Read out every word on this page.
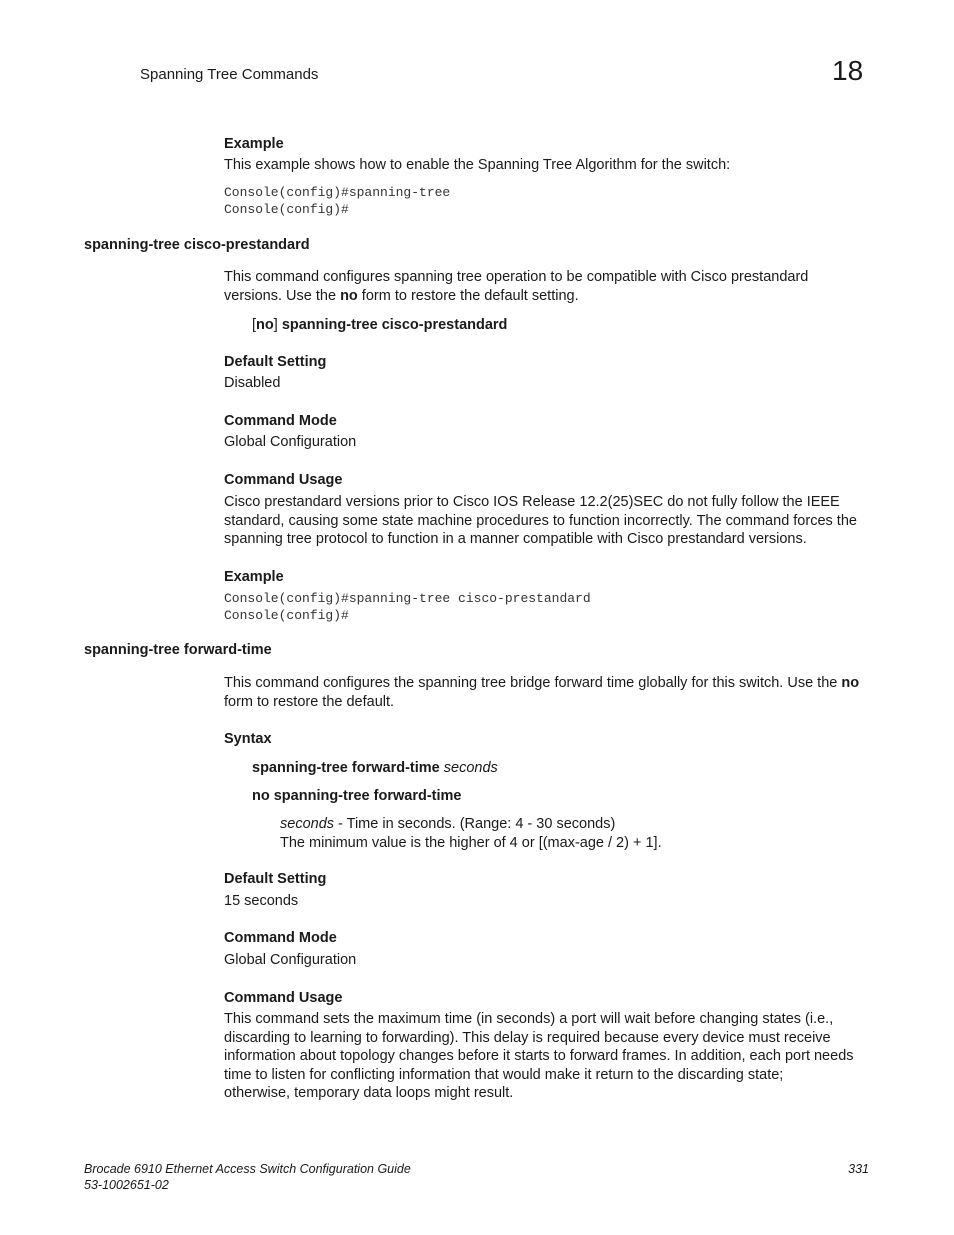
Spanning Tree Commands	18
Example
This example shows how to enable the Spanning Tree Algorithm for the switch:
Console(config)#spanning-tree
Console(config)#
spanning-tree cisco-prestandard
This command configures spanning tree operation to be compatible with Cisco prestandard
versions. Use the no form to restore the default setting.
[no] spanning-tree cisco-prestandard
Default Setting
Disabled
Command Mode
Global Configuration
Command Usage
Cisco prestandard versions prior to Cisco IOS Release 12.2(25)SEC do not fully follow the IEEE
standard, causing some state machine procedures to function incorrectly. The command forces the
spanning tree protocol to function in a manner compatible with Cisco prestandard versions.
Example
Console(config)#spanning-tree cisco-prestandard
Console(config)#
spanning-tree forward-time
This command configures the spanning tree bridge forward time globally for this switch. Use the no
form to restore the default.
Syntax
spanning-tree forward-time seconds
no spanning-tree forward-time
seconds - Time in seconds. (Range: 4 - 30 seconds)
The minimum value is the higher of 4 or [(max-age / 2) + 1].
Default Setting
15 seconds
Command Mode
Global Configuration
Command Usage
This command sets the maximum time (in seconds) a port will wait before changing states (i.e.,
discarding to learning to forwarding). This delay is required because every device must receive
information about topology changes before it starts to forward frames. In addition, each port needs
time to listen for conflicting information that would make it return to the discarding state;
otherwise, temporary data loops might result.
Brocade 6910 Ethernet Access Switch Configuration Guide
53-1002651-02
331
